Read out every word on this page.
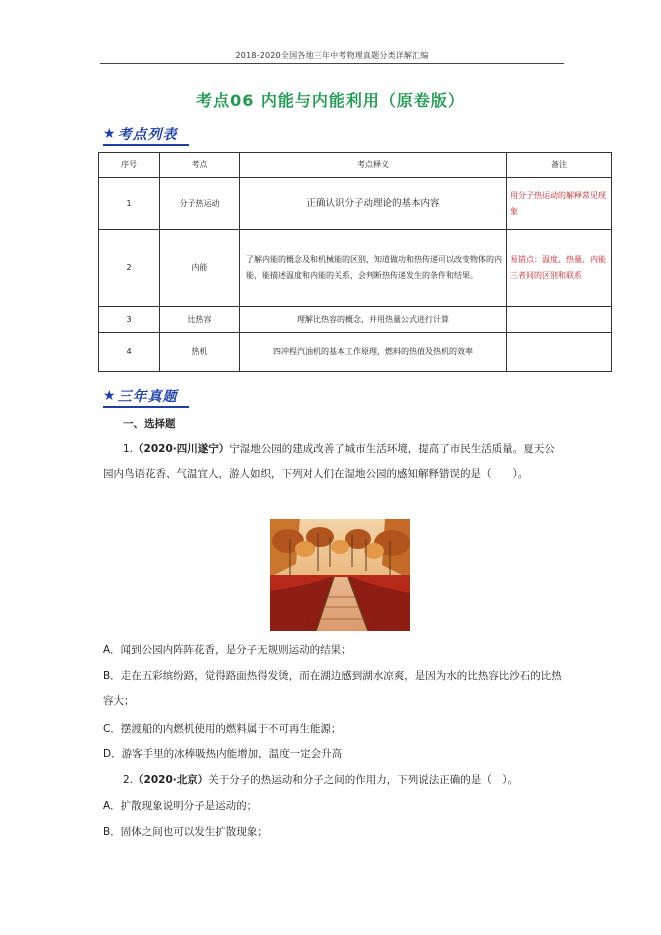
2018-2020全国各地三年中考物理真题分类详解汇编
考点06 内能与内能利用（原卷版）
★ 考点列表
序号	考点	考点释义	备注
1	分子热运动	正确认识分子动理论的基本内容	用分子热运动的解释常见现象
2	内能	了解内能的概念及和机械能的区别，知道做功和热传递可以改变物体的内能，能描述温度和内能的关系，会判断热传递发生的条件和结果。	易错点：温度、热量、内能三者间的区别和联系
3	比热容	理解比热容的概念，并用热量公式进行计算	
4	热机	四冲程汽油机的基本工作原理，燃料的热值及热机的效率	
★ 三年真题
一、选择题
1.（2020·四川遂宁）宁湿地公园的建成改善了城市生活环境，提高了市民生活质量。夏天公园内鸟语花香、气温宜人，游人如织，下列对人们在湿地公园的感知解释错误的是（　　）。
A．闻到公园内阵阵花香，是分子无规则运动的结果；
B．走在五彩缤纷路，觉得路面热得发烫，而在湖边感到湖水凉爽，是因为水的比热容比沙石的比热容大；
C．摆渡船的内燃机使用的燃料属于不可再生能源；
D．游客手里的冰棒吸热内能增加，温度一定会升高
2.（2020·北京）关于分子的热运动和分子之间的作用力，下列说法正确的是（　）。
A．扩散现象说明分子是运动的；
B．固体之间也可以发生扩散现象；
